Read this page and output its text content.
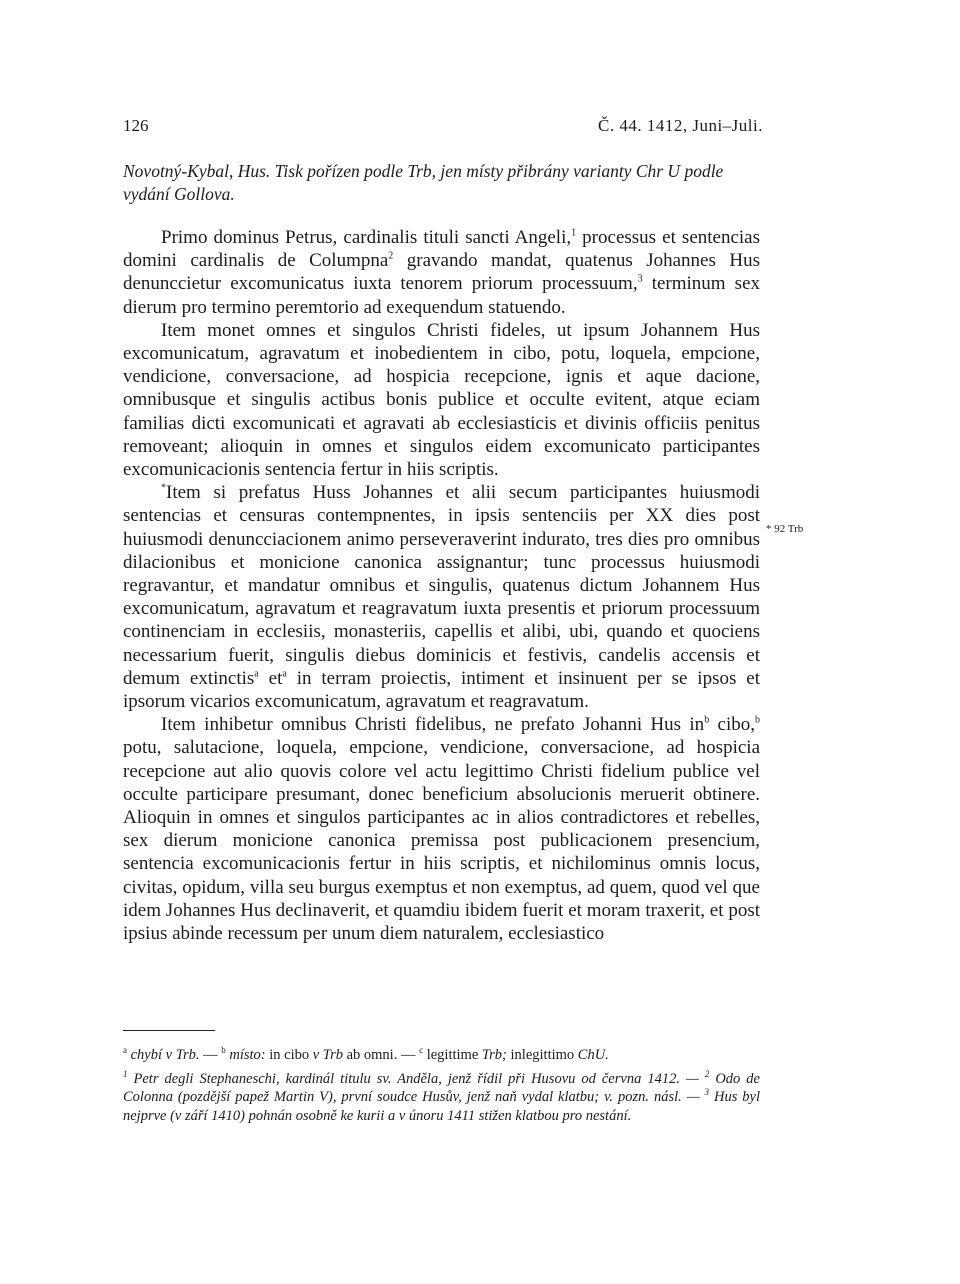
126	Č. 44. 1412, Juni–Juli.
Novotný-Kybal, Hus. Tisk pořízen podle Trb, jen místy přibrány varianty Chr U podle vydání Gollova.

Primo dominus Petrus, cardinalis tituli sancti Angeli,$^1$ processus et sentencias domini cardinalis de Columpna$^2$ gravando mandat, quatenus Johannes Hus denuncсietur excomunicatus iuxta tenorem priorum processuum,$^3$ terminum sex dierum pro termino peremtorio ad exequendum statuendo.

Item monet omnes et singulos Christi fideles, ut ipsum Johannem Hus excomunicatum, agravatum et inobedientem in cibo, potu, loquela, empcione, vendicione, conversacione, ad hospicia recepcione, ignis et aque dacione, omnibusque et singulis actibus bonis publice et occulte evitent, atque eciam familias dicti excomunicati et agravati ab ecclesiasticis et divinis officiis penitus removeant; alioquin in omnes et singulos eidem excomunicato participantes excomunicacionis sentencia fertur in hiis scriptis.

*Item si prefatus Huss Johannes et alii secum participantes huiusmodi sentencias et censuras contempnentes, in ipsis sentenciis per XX dies post huiusmodi denuncciacionem animo perseveraverint indurato, tres dies pro omnibus dilacionibus et monicione canonica assignantur; tunc processus huiusmodi regravantur, et mandatur omnibus et singulis, quatenus dictum Johannem Hus excomunicatum, agravatum et reagravatum iuxta presentis et priorum processuum continenciam in ecclesiis, monasteriis, capellis et alibi, ubi, quando et quociens necessarium fuerit, singulis diebus dominicis et festivis, candelis accensis et demum extinctis$^a$ $et^a$ in terram proiectis, intiment et insinuent per se ipsos et ipsorum vicarios excomunicatum, agravatum et reagravatum.

Item inhibetur omnibus Christi fidelibus, ne prefato Johanni Hus $in^b$ cibo,$^b$ potu, salutacione, loquela, empcione, vendicione, conversacione, ad hospicia recepcione aut alio quovis colore vel actu legittimo Christi fidelium publice vel occulte participare presumant, donec beneficium absolucionis meruerit obtinere. Alioquin in omnes et singulos participantes ac in alios contradictores et rebelles, sex dierum monicione canonica premissa post publicacionem presencium, sentencia excomunicacionis fertur in hiis scriptis, et nichilominus omnis locus, civitas, opidum, villa seu burgus exemptus et non exemptus, ad quem, quod vel que idem Johannes Hus declinaverit, et quamdiu ibidem fuerit et moram traxerit, et post ipsius abinde recessum per unum diem naturalem, ecclesiastico

* 92 Trb

$^a$ chybí v Trb. — $^b$ místo: in cibo v Trb ab omni. — $^c$ legittime Trb; inlegittimo ChU.

$^1$ Petr degli Stephaneschi, kardinál titulu sv. Anděla, jenž řídil při Husovu od června 1412. — $^2$ Odo de Colonna (pozdější papež Martin V), první soudce Husův, jenž naň vydal klatbu; v. pozn. násl. — $^3$ Hus byl nejprve (v září 1410) pohnán osobně ke kurii a v únoru 1411 stižen klatbou pro nestání.
